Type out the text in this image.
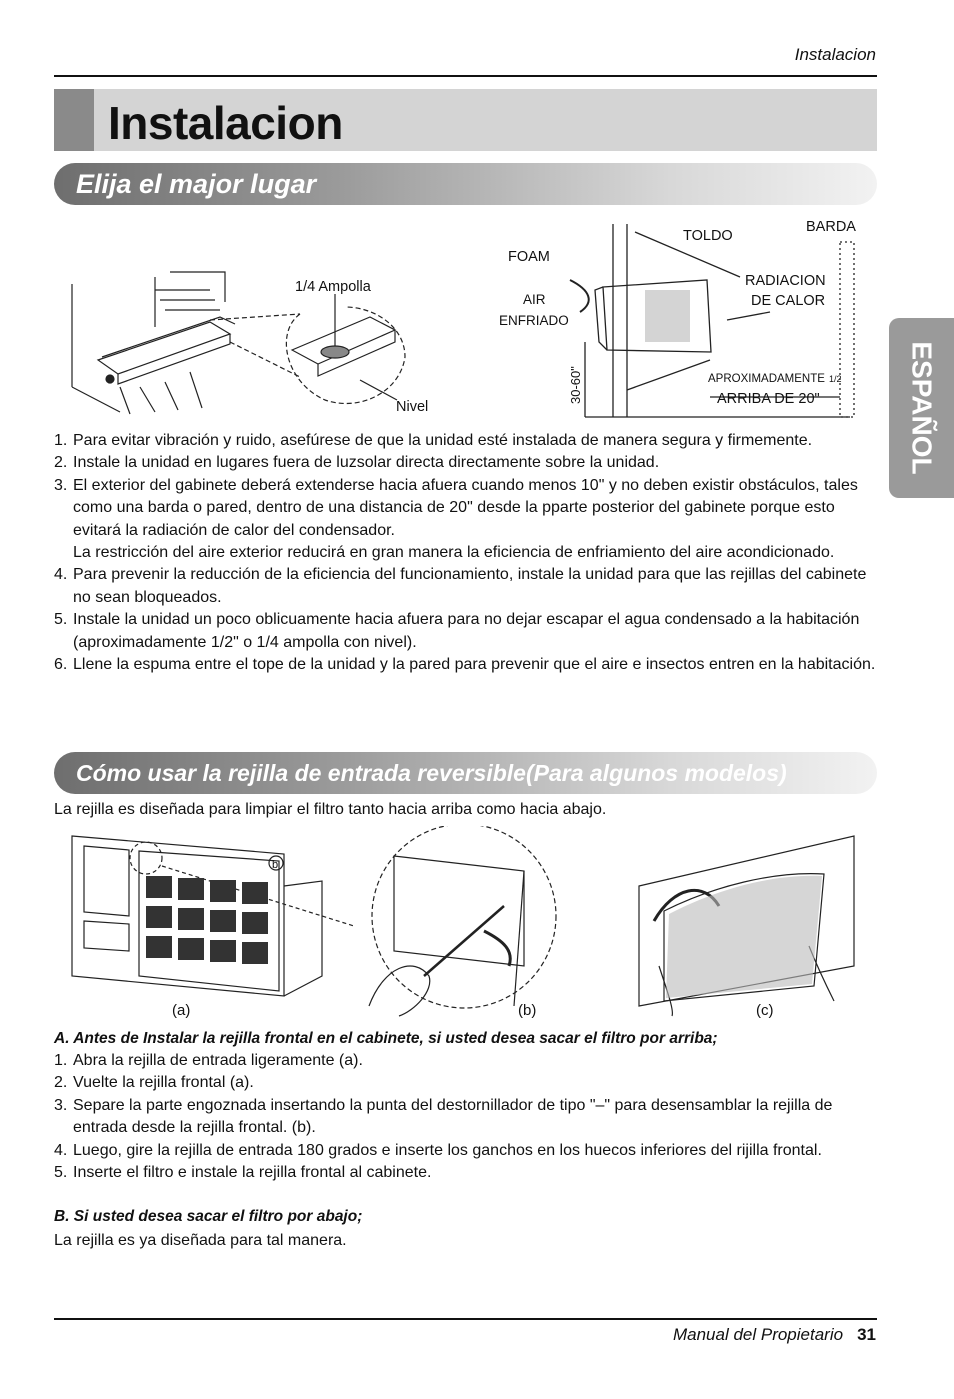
Instalacion
Instalacion
ESPAÑOL
Elija el major lugar
1/4 Ampolla
Nivel
TOLDO
BARDA
FOAM
AIR
ENFRIADO
RADIACION
DE CALOR
30-60"	APROXIMADAMENTE 1/2
ARRIBA DE 20"
1. Para evitar vibración y ruido, asefúrese de que la unidad esté instalada de manera segura y firmemente.
2. Instale la unidad en lugares fuera de luzsolar directa directamente sobre la unidad.
3. El exterior del gabinete deberá extenderse hacia afuera cuando menos 10" y no deben existir obstáculos, tales como una barda o pared, dentro de una distancia de 20" desde la pparte posterior del gabinete porque esto evitará la radiación de calor del condensador.
La restricción del aire exterior reducirá en gran manera la eficiencia de enfriamiento del aire acondicionado.
4. Para prevenir la reducción de la eficiencia del funcionamiento, instale la unidad para que las rejillas del cabinete no sean bloqueados.
5. Instale la unidad un poco oblicuamente hacia afuera para no dejar escapar el agua condensado a la habitación (aproximadamente 1/2" o 1/4 ampolla con nivel).
6. Llene la espuma entre el tope de la unidad y la pared para prevenir que el aire e insectos entren en la habitación.
Cómo usar la rejilla de entrada reversible(Para algunos modelos)
La rejilla es diseñada para limpiar el filtro tanto hacia arriba como hacia abajo.
(a)	(b)	(c)
b
A. Antes de Instalar la rejilla frontal en el cabinete, si usted desea sacar el filtro por arriba;
1. Abra la rejilla de entrada ligeramente (a).
2. Vuelte la rejilla frontal (a).
3. Separe la parte engoznada insertando la punta del destornillador de tipo "–" para desensamblar la rejilla de entrada desde la rejilla frontal. (b).
4. Luego, gire la rejilla de entrada 180 grados e inserte los ganchos en los huecos inferiores del rijilla frontal.
5. Inserte el filtro e instale la rejilla frontal al cabinete.
B. Si usted desea sacar el filtro por abajo;
La rejilla es ya diseñada para tal manera.
Manual del Propietario 31
